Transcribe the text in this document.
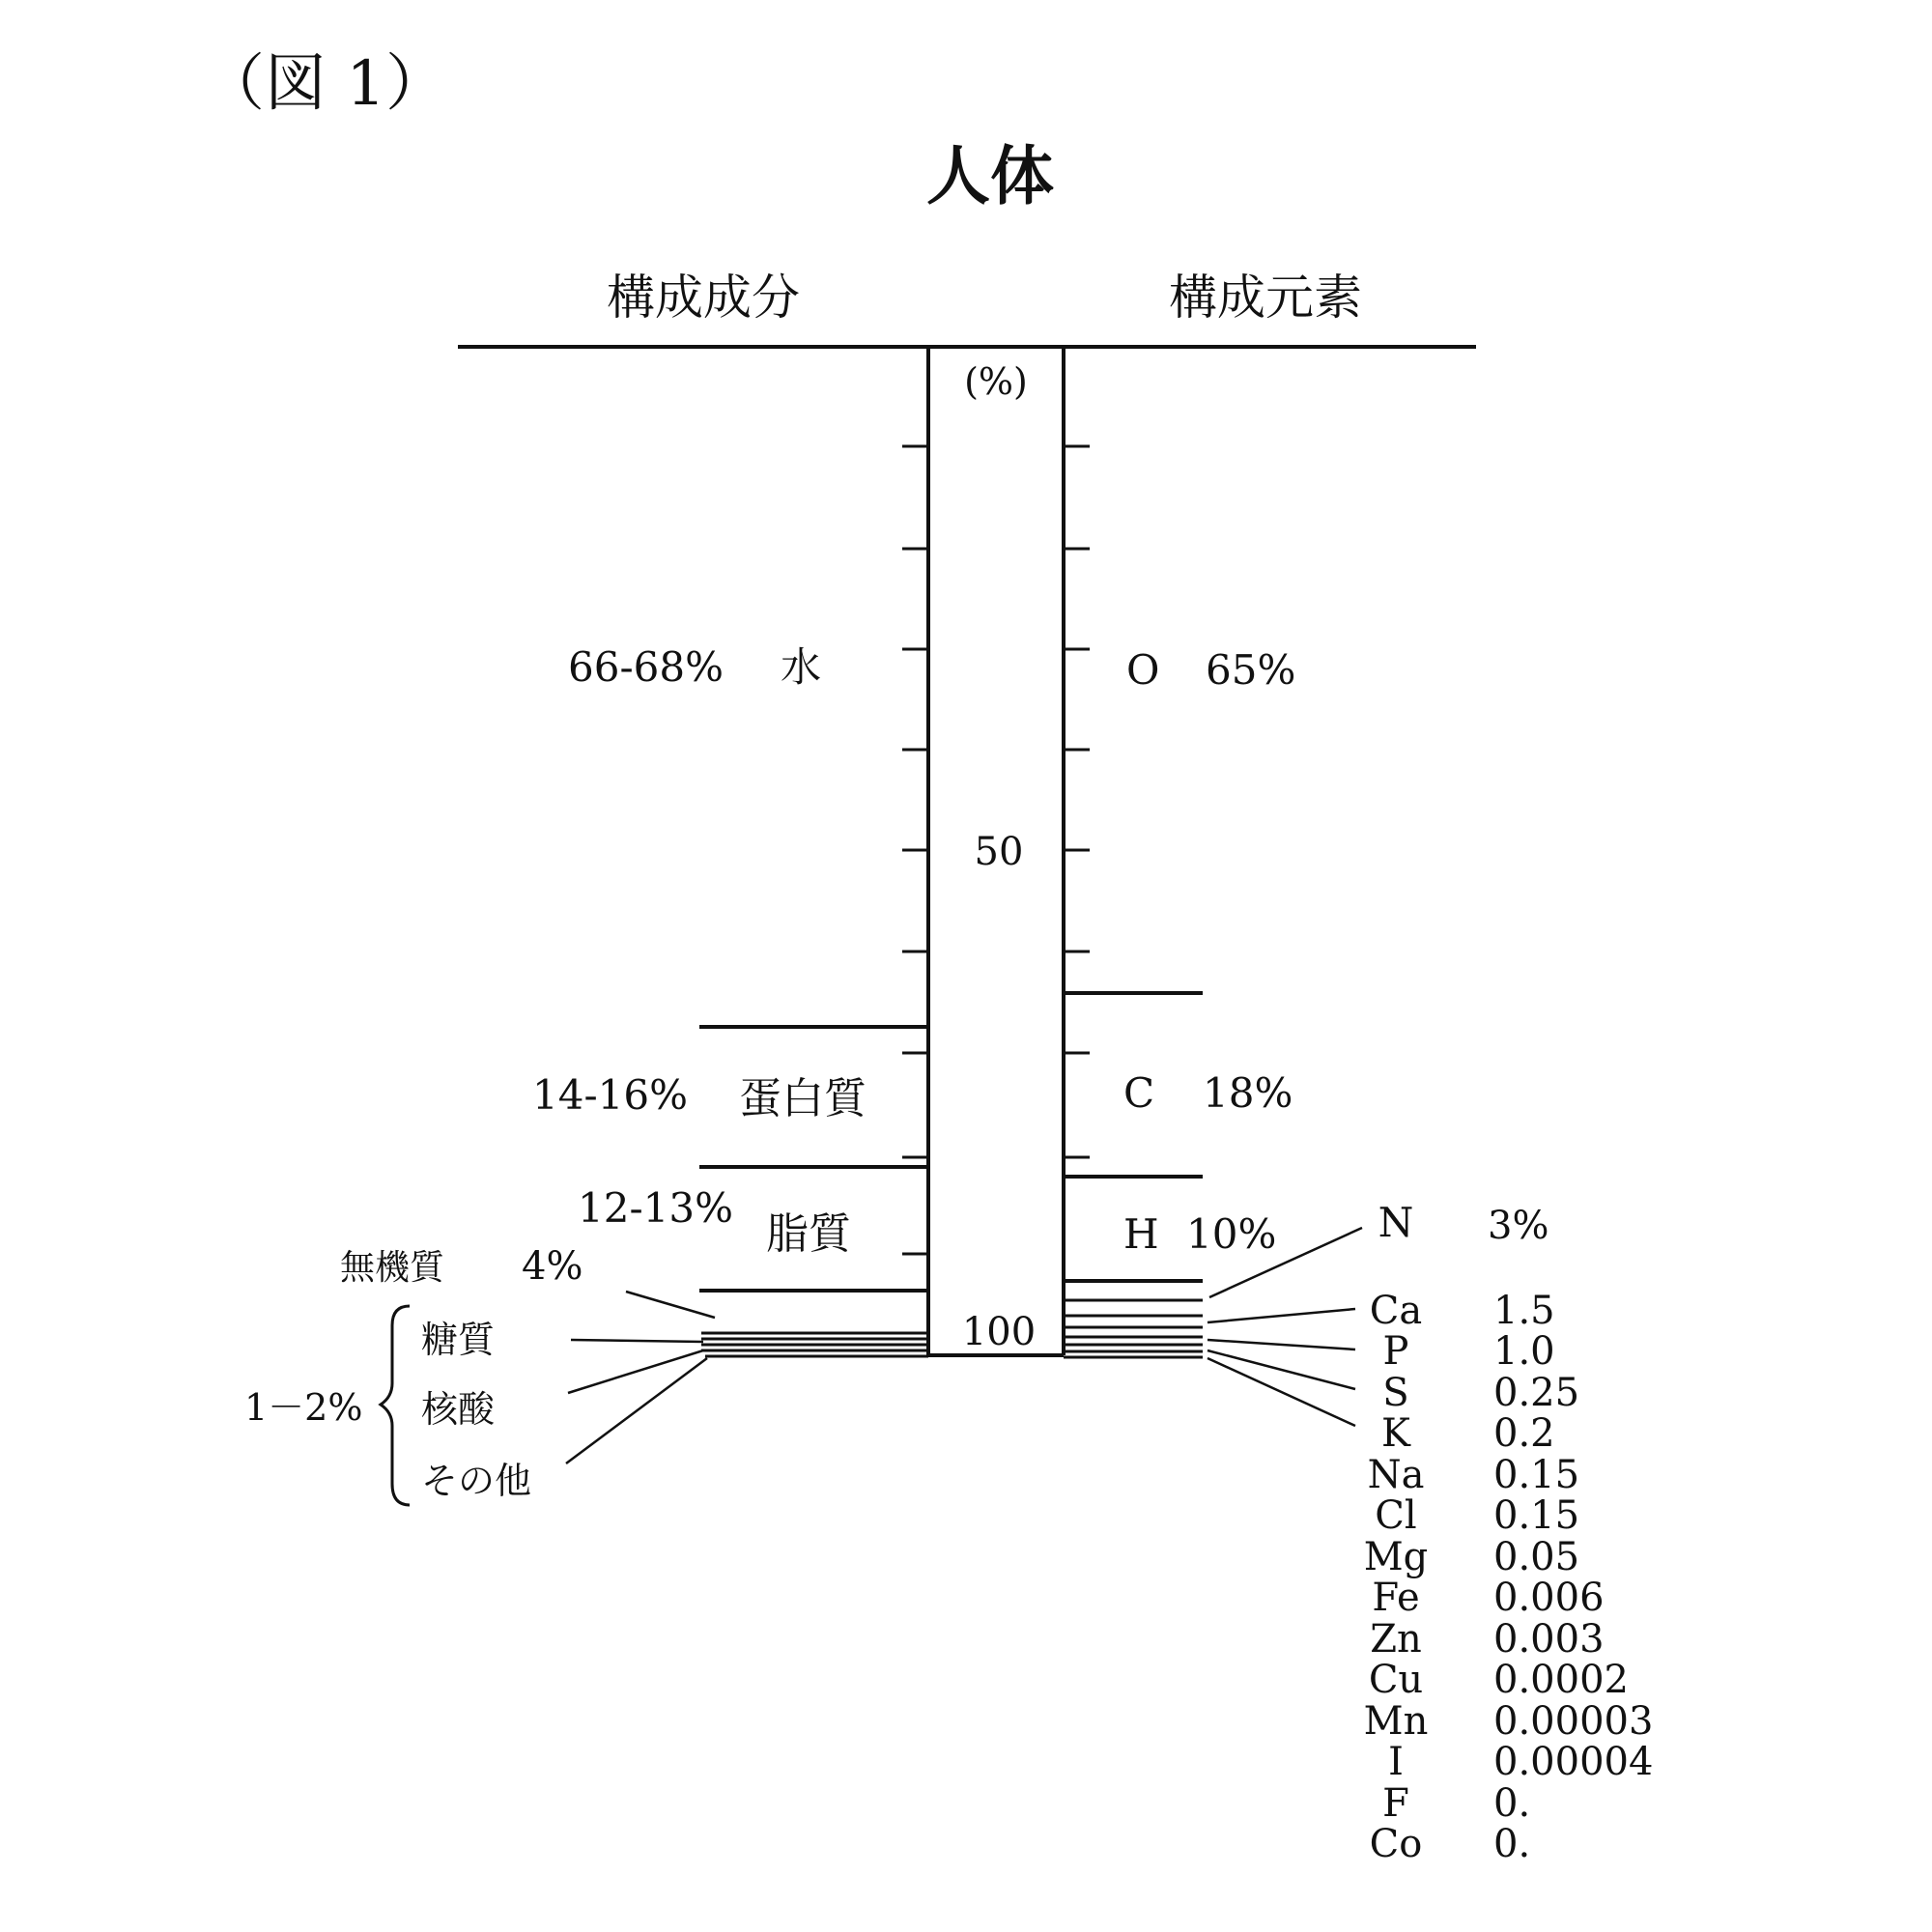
（図 1）
人体
構成成分	構成元素
(%)
50
100
66-68% 水
14-16% 蛋白質
12-13%
脂質
無機質 4%
1－2%
糖質
核酸
その他
O 65%
C 18%
H 10%	N 3%
Ca 1.5
P 1.0
S 0.25
K 0.2
Na 0.15
Cl 0.15
Mg 0.05
Fe 0.006
Zn 0.003
Cu 0.0002
Mn 0.00003
I 0.00004
F 0.
Co 0.
